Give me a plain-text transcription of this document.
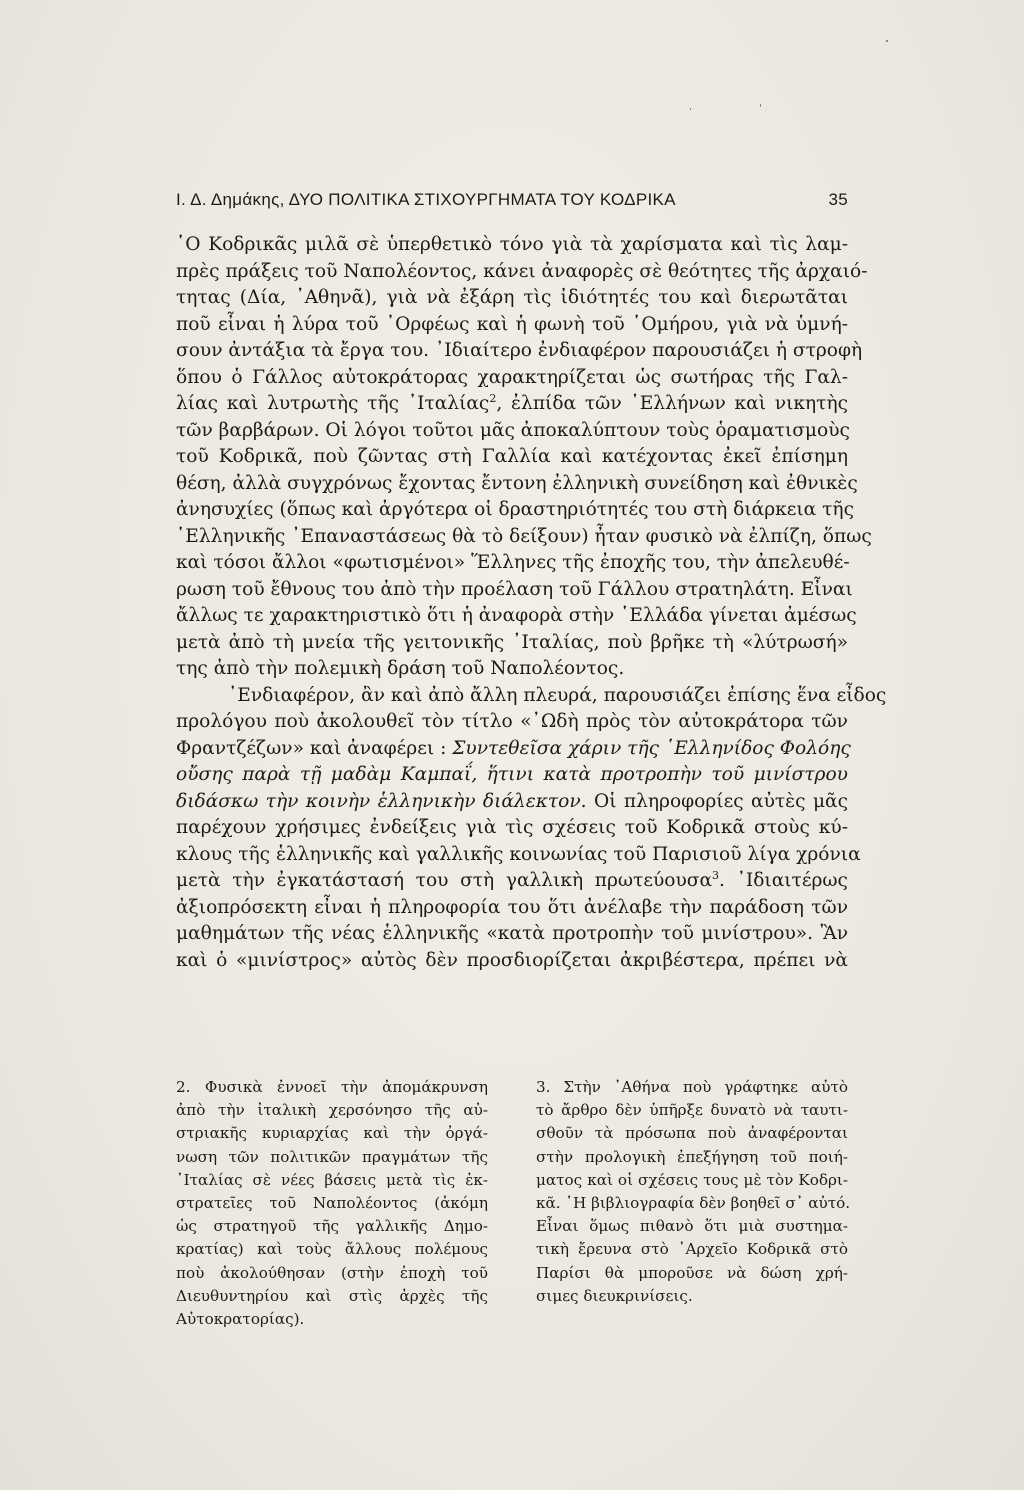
Ι. Δ. Δημάκης, ΔΥΟ ΠΟΛΙΤΙΚΑ ΣΤΙΧΟΥΡΓΗΜΑΤΑ ΤΟΥ ΚΟΔΡΙΚΑ	35
῾Ο Κοδρικᾶς μιλᾶ σὲ ὑπερθετικὸ τόνο γιὰ τὰ χαρίσματα καὶ τὶς λαμ-
πρὲς πράξεις τοῦ Ναπολέοντος, κάνει ἀναφορὲς σὲ θεότητες τῆς ἀρχαιό-
τητας (Δία, ᾿Αθηνᾶ), γιὰ νὰ ἐξάρη τὶς ἰδιότητές του καὶ διερωτᾶται
ποῦ εἶναι ἡ λύρα τοῦ ᾿Ορφέως καὶ ἡ φωνὴ τοῦ ῾Ομήρου, γιὰ νὰ ὑμνή-
σουν ἀντάξια τὰ ἔργα του. ᾿Ιδιαίτερο ἐνδιαφέρον παρουσιάζει ἡ στροφὴ
ὅπου ὁ Γάλλος αὐτοκράτορας χαρακτηρίζεται ὡς σωτήρας τῆς Γαλ-
λίας καὶ λυτρωτὴς τῆς ᾿Ιταλίας$^2$, ἐλπίδα τῶν ῾Ελλήνων καὶ νικητὴς
τῶν βαρβάρων. Οἱ λόγοι τοῦτοι μᾶς ἀποκαλύπτουν τοὺς ὁραματισμοὺς
τοῦ Κοδρικᾶ, ποὺ ζῶντας στὴ Γαλλία καὶ κατέχοντας ἐκεῖ ἐπίσημη
θέση, ἀλλὰ συγχρόνως ἔχοντας ἔντονη ἐλληνικὴ συνείδηση καὶ ἐθνικὲς
ἀνησυχίες (ὅπως καὶ ἀργότερα οἱ δραστηριότητές του στὴ διάρκεια τῆς
῾Ελληνικῆς ᾿Επαναστάσεως θὰ τὸ δείξουν) ἦταν φυσικὸ νὰ ἐλπίζη, ὅπως
καὶ τόσοι ἄλλοι «φωτισμένοι» Ἕλληνες τῆς ἐποχῆς του, τὴν ἀπελευθέ-
ρωση τοῦ ἔθνους του ἀπὸ τὴν προέλαση τοῦ Γάλλου στρατηλάτη. Εἶναι
ἄλλως τε χαρακτηριστικὸ ὅτι ἡ ἀναφορὰ στὴν ῾Ελλάδα γίνεται ἀμέσως
μετὰ ἀπὸ τὴ μνεία τῆς γειτονικῆς ᾿Ιταλίας, ποὺ βρῆκε τὴ «λύτρωσή»
της ἀπὸ τὴν πολεμικὴ δράση τοῦ Ναπολέοντος.
᾿Ενδιαφέρον, ἂν καὶ ἀπὸ ἄλλη πλευρά, παρουσιάζει ἐπίσης ἕνα εἶδος
προλόγου ποὺ ἀκολουθεῖ τὸν τίτλο «᾿Ωδὴ πρὸς τὸν αὐτοκράτορα τῶν
Φραντζέζων» καὶ ἀναφέρει : Συντεθεῖσα χάριν τῆς ῾Ελληνίδος Φολόης
οὔσης παρὰ τῇ μαδὰμ Καμπαΐ, ἥτινι κατὰ προτροπὴν τοῦ μινίστρου
διδάσκω τὴν κοινὴν ἑλληνικὴν διάλεκτον. Οἱ πληροφορίες αὐτὲς μᾶς
παρέχουν χρήσιμες ἐνδείξεις γιὰ τὶς σχέσεις τοῦ Κοδρικᾶ στοὺς κύ-
κλους τῆς ἑλληνικῆς καὶ γαλλικῆς κοινωνίας τοῦ Παρισιοῦ λίγα χρόνια
μετὰ τὴν ἐγκατάστασή του στὴ γαλλικὴ πρωτεύουσα$^3$. ᾿Ιδιαιτέρως
ἀξιοπρόσεκτη εἶναι ἡ πληροφορία του ὅτι ἀνέλαβε τὴν παράδοση τῶν
μαθημάτων τῆς νέας ἑλληνικῆς «κατὰ προτροπὴν τοῦ μινίστρου». Ἂν
καὶ ὁ «μινίστρος» αὐτὸς δὲν προσδιορίζεται ἀκριβέστερα, πρέπει νὰ
2. Φυσικὰ ἐννοεῖ τὴν ἀπομάκρυνση
ἀπὸ τὴν ἰταλικὴ χερσόνησο τῆς αὐ-
στριακῆς κυριαρχίας καὶ τὴν ὀργά-
νωση τῶν πολιτικῶν πραγμάτων τῆς
᾿Ιταλίας σὲ νέες βάσεις μετὰ τὶς ἐκ-
στρατεῖες τοῦ Ναπολέοντος (ἀκόμη
ὡς στρατηγοῦ τῆς γαλλικῆς Δημο-
κρατίας) καὶ τοὺς ἄλλους πολέμους
ποὺ ἀκολούθησαν (στὴν ἐποχὴ τοῦ
Διευθυντηρίου καὶ στὶς ἀρχὲς τῆς
Αὐτοκρατορίας).
3. Στὴν ᾿Αθήνα ποὺ γράφτηκε αὐτὸ
τὸ ἄρθρο δὲν ὑπῆρξε δυνατὸ νὰ ταυτι-
σθοῦν τὰ πρόσωπα ποὺ ἀναφέρονται
στὴν προλογικὴ ἐπεξήγηση τοῦ ποιή-
ματος καὶ οἱ σχέσεις τους μὲ τὸν Κοδρι-
κᾶ. ῾Η βιβλιογραφία δὲν βοηθεῖ σ᾿ αὐτό.
Εἶναι ὅμως πιθανὸ ὅτι μιὰ συστημα-
τικὴ ἔρευνα στὸ ᾿Αρχεῖο Κοδρικᾶ στὸ
Παρίσι θὰ μποροῦσε νὰ δώση χρή-
σιμες διευκρινίσεις.
